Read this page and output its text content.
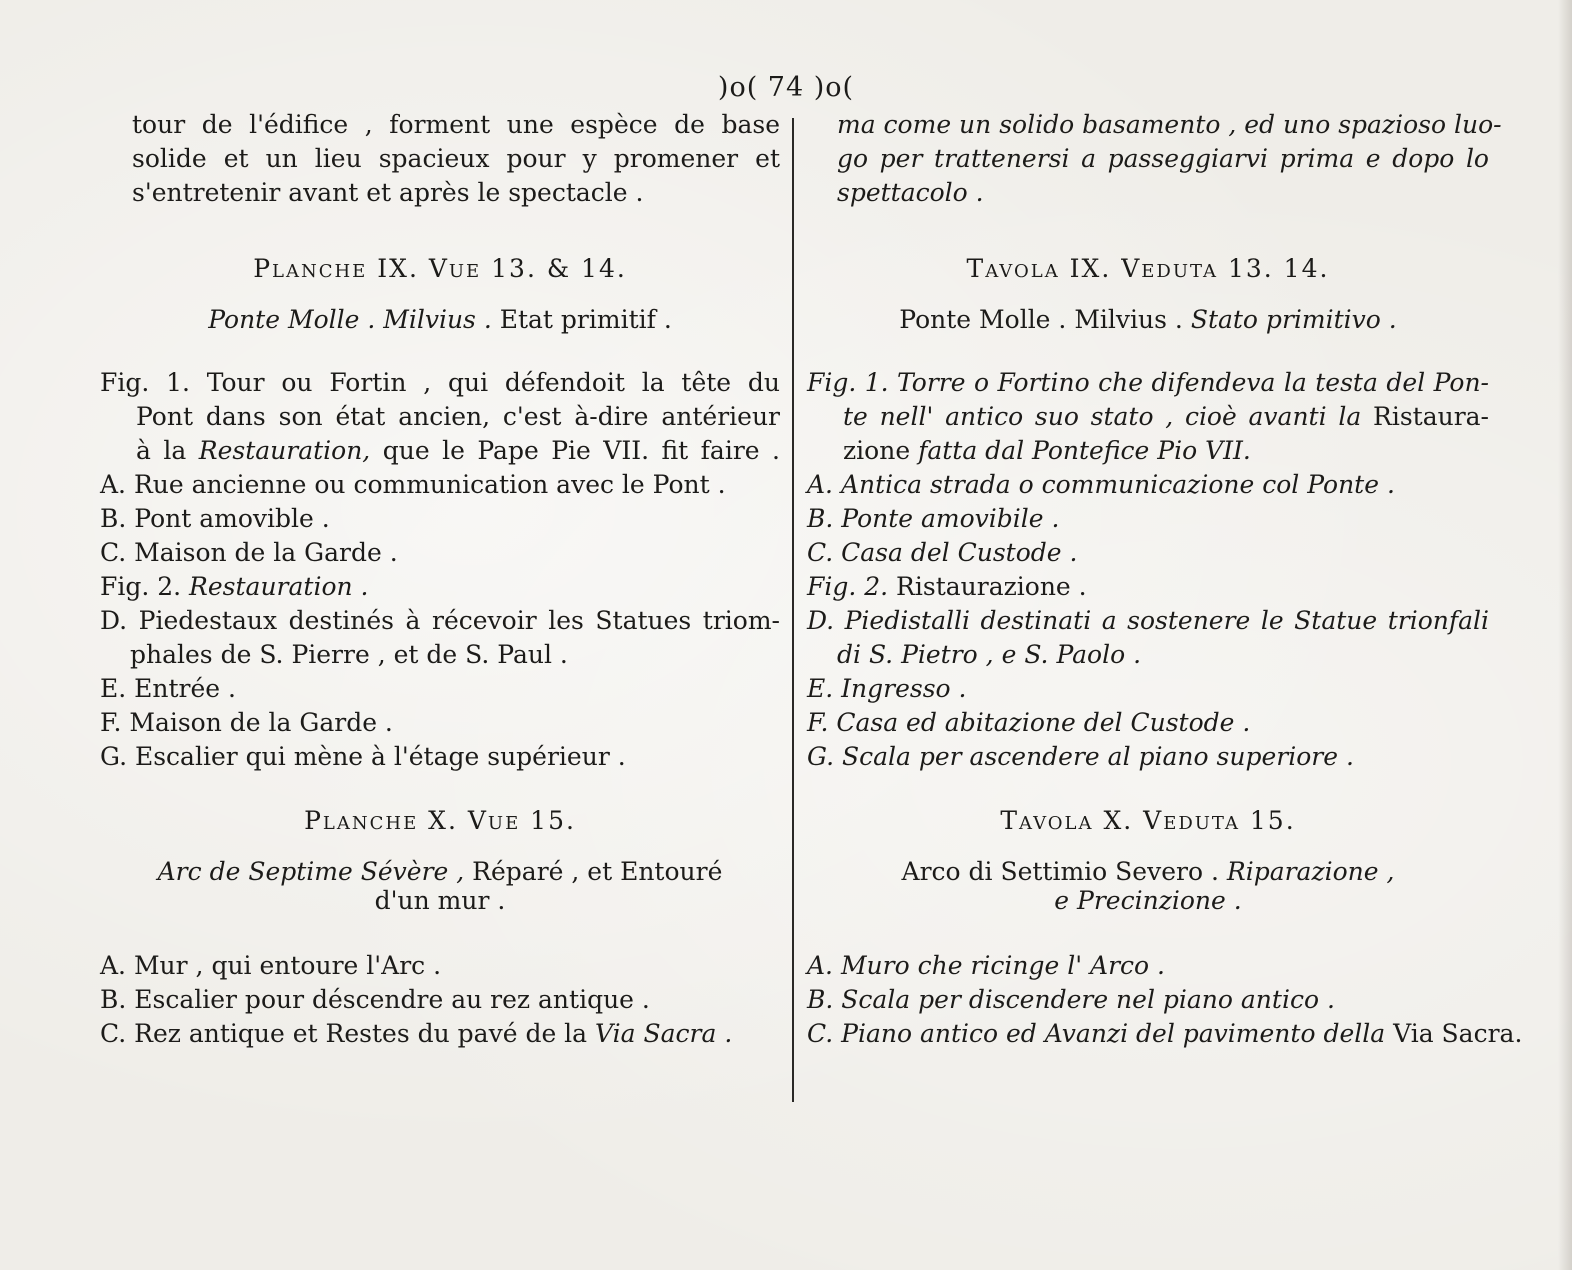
)o( 74 )o(
tour de l'édifice , forment une espèce de base
solide et un lieu spacieux pour y promener et
s'entretenir avant et après le spectacle .
Planche IX. Vue 13. & 14.
Ponte Molle . Milvius . Etat primitif .
Fig. 1. Tour ou Fortin , qui défendoit la tête du
Pont dans son état ancien, c'est à-dire antérieur
à la Restauration, que le Pape Pie VII. fit faire .
A. Rue ancienne ou communication avec le Pont .
B. Pont amovible .
C. Maison de la Garde .
Fig. 2. Restauration .
D. Piedestaux destinés à récevoir les Statues triom-
phales de S. Pierre , et de S. Paul .
E. Entrée .
F. Maison de la Garde .
G. Escalier qui mène à l'étage supérieur .
Planche X. Vue 15.
Arc de Septime Sévère , Réparé , et Entouré
d'un mur .
A. Mur , qui entoure l'Arc .
B. Escalier pour déscendre au rez antique .
C. Rez antique et Restes du pavé de la Via Sacra .
ma come un solido basamento , ed uno spazioso luo-
go per trattenersi a passeggiarvi prima e dopo lo
spettacolo .
Tavola IX. Veduta 13. 14.
Ponte Molle . Milvius . Stato primitivo .
Fig. 1. Torre o Fortino che difendeva la testa del Pon-
te nell' antico suo stato , cioè avanti la Ristaura-
zione fatta dal Pontefice Pio VII.
A. Antica strada o communicazione col Ponte .
B. Ponte amovibile .
C. Casa del Custode .
Fig. 2. Ristaurazione .
D. Piedistalli destinati a sostenere le Statue trionfali
di S. Pietro , e S. Paolo .
E. Ingresso .
F. Casa ed abitazione del Custode .
G. Scala per ascendere al piano superiore .
Tavola X. Veduta 15.
Arco di Settimio Severo . Riparazione ,
e Precinzione .
A. Muro che ricinge l' Arco .
B. Scala per discendere nel piano antico .
C. Piano antico ed Avanzi del pavimento della Via Sacra.
